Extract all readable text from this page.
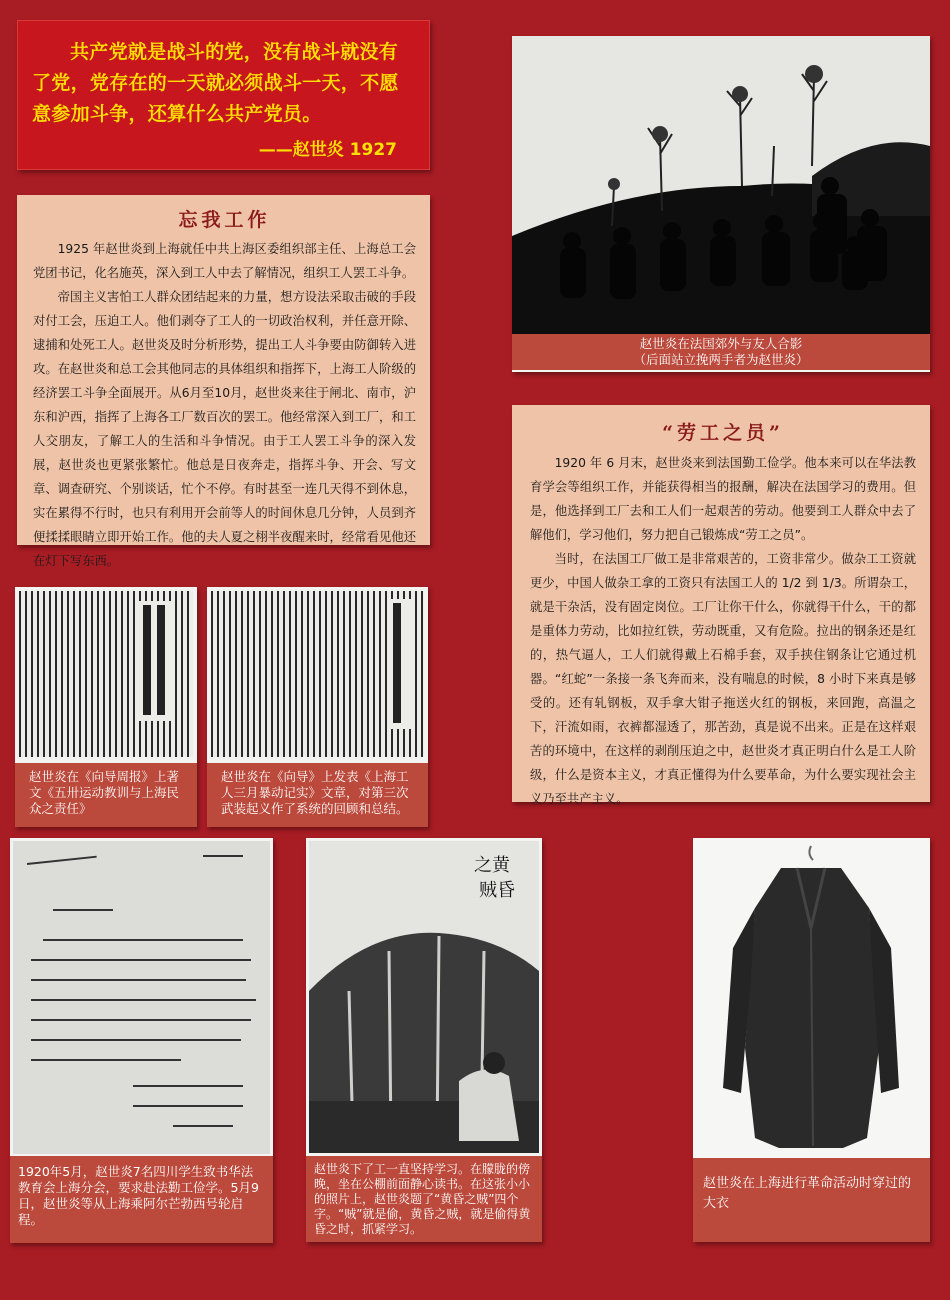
共产党就是战斗的党，没有战斗就没有了党，党存在的一天就必须战斗一天，不愿意参加斗争，还算什么共产党员。

——赵世炎 1927
忘我工作

1925 年赵世炎到上海就任中共上海区委组织部主任、上海总工会党团书记，化名施英，深入到工人中去了解情况，组织工人罢工斗争。

帝国主义害怕工人群众团结起来的力量，想方设法采取击破的手段对付工会，压迫工人。他们剥夺了工人的一切政治权利，并任意开除、逮捕和处死工人。赵世炎及时分析形势，提出工人斗争要由防御转入进攻。在赵世炎和总工会其他同志的具体组织和指挥下，上海工人阶级的经济罢工斗争全面展开。从6月至10月，赵世炎来往于闸北、南市，沪东和沪西，指挥了上海各工厂数百次的罢工。他经常深入到工厂，和工人交朋友，了解工人的生活和斗争情况。由于工人罢工斗争的深入发展，赵世炎也更紧张繁忙。他总是日夜奔走，指挥斗争、开会、写文章、调查研究、个别谈话，忙个不停。有时甚至一连几天得不到休息，实在累得不行时，也只有利用开会前等人的时间休息几分钟，人员到齐便揉揉眼睛立即开始工作。他的夫人夏之栩半夜醒来时，经常看见他还在灯下写东西。

赵世炎在法国郊外与友人合影
（后面站立挽两手者为赵世炎）
“劳工之员”

1920 年 6 月末，赵世炎来到法国勤工俭学。他本来可以在华法教育学会等组织工作，并能获得相当的报酬，解决在法国学习的费用。但是，他选择到工厂去和工人们一起艰苦的劳动。他要到工人群众中去了解他们，学习他们，努力把自己锻炼成“劳工之员”。

当时，在法国工厂做工是非常艰苦的，工资非常少。做杂工工资就更少，中国人做杂工拿的工资只有法国工人的 1/2 到 1/3。所谓杂工，就是干杂活，没有固定岗位。工厂让你干什么，你就得干什么，干的都是重体力劳动，比如拉红铁，劳动既重，又有危险。拉出的钢条还是红的，热气逼人，工人们就得戴上石棉手套，双手挟住钢条让它通过机器。“红蛇”一条接一条飞奔而来，没有喘息的时候，8 小时下来真是够受的。还有轧钢板，双手拿大钳子拖送火红的钢板，来回跑，高温之下，汗流如雨，衣裤都湿透了，那苦劲，真是说不出来。正是在这样艰苦的环境中，在这样的剥削压迫之中，赵世炎才真正明白什么是工人阶级，什么是资本主义，才真正懂得为什么要革命，为什么要实现社会主义乃至共产主义。

赵世炎在《向导周报》上著文《五卅运动教训与上海民众之责任》
赵世炎在《向导》上发表《上海工人三月暴动记实》文章，对第三次武装起义作了系统的回顾和总结。
1920年5月，赵世炎7名四川学生致书华法教育会上海分会，要求赴法勤工俭学。5月9日，赵世炎等从上海乘阿尔芒勃西号轮启程。
之黄
贼昏
赵世炎下了工一直坚持学习。在朦胧的傍晚，坐在公棚前面静心读书。在这张小小的照片上，赵世炎题了“黄昏之贼”四个字。“贼”就是偷，黄昏之贼，就是偷得黄昏之时，抓紧学习。
赵世炎在上海进行革命活动时穿过的大衣
